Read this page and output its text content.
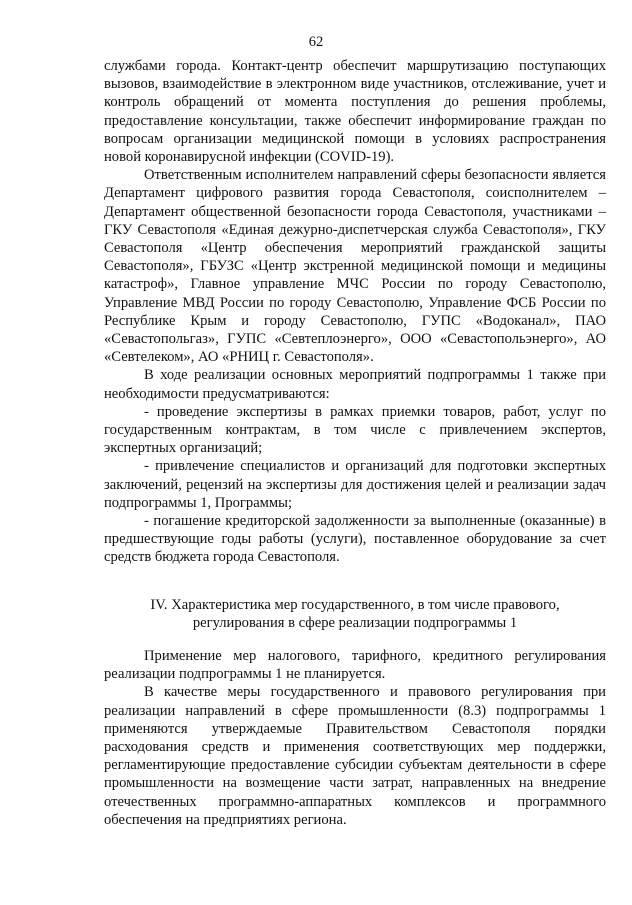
62

службами города. Контакт-центр обеспечит маршрутизацию поступающих вызовов, взаимодействие в электронном виде участников, отслеживание, учет и контроль обращений от момента поступления до решения проблемы, предоставление консультации, также обеспечит информирование граждан по вопросам организации медицинской помощи в условиях распространения новой коронавирусной инфекции (COVID-19).

Ответственным исполнителем направлений сферы безопасности является Департамент цифрового развития города Севастополя, соисполнителем – Департамент общественной безопасности города Севастополя, участниками – ГКУ Севастополя «Единая дежурно-диспетчерская служба Севастополя», ГКУ Севастополя «Центр обеспечения мероприятий гражданской защиты Севастополя», ГБУЗС «Центр экстренной медицинской помощи и медицины катастроф», Главное управление МЧС России по городу Севастополю, Управление МВД России по городу Севастополю, Управление ФСБ России по Республике Крым и городу Севастополю, ГУПС «Водоканал», ПАО «Севастопольгаз», ГУПС «Севтеплоэнерго», ООО «Севастопольэнерго», АО «Севтелеком», АО «РНИЦ г. Севастополя».

В ходе реализации основных мероприятий подпрограммы 1 также при необходимости предусматриваются:

- проведение экспертизы в рамках приемки товаров, работ, услуг по государственным контрактам, в том числе с привлечением экспертов, экспертных организаций;

- привлечение специалистов и организаций для подготовки экспертных заключений, рецензий на экспертизы для достижения целей и реализации задач подпрограммы 1, Программы;

- погашение кредиторской задолженности за выполненные (оказанные) в предшествующие годы работы (услуги), поставленное оборудование за счет средств бюджета города Севастополя.

IV. Характеристика мер государственного, в том числе правового,
регулирования в сфере реализации подпрограммы 1

Применение мер налогового, тарифного, кредитного регулирования реализации подпрограммы 1 не планируется.

В качестве меры государственного и правового регулирования при реализации направлений в сфере промышленности (8.3) подпрограммы 1 применяются утверждаемые Правительством Севастополя порядки расходования средств и применения соответствующих мер поддержки, регламентирующие предоставление субсидии субъектам деятельности в сфере промышленности на возмещение части затрат, направленных на внедрение отечественных программно-аппаратных комплексов и программного обеспечения на предприятиях региона.
